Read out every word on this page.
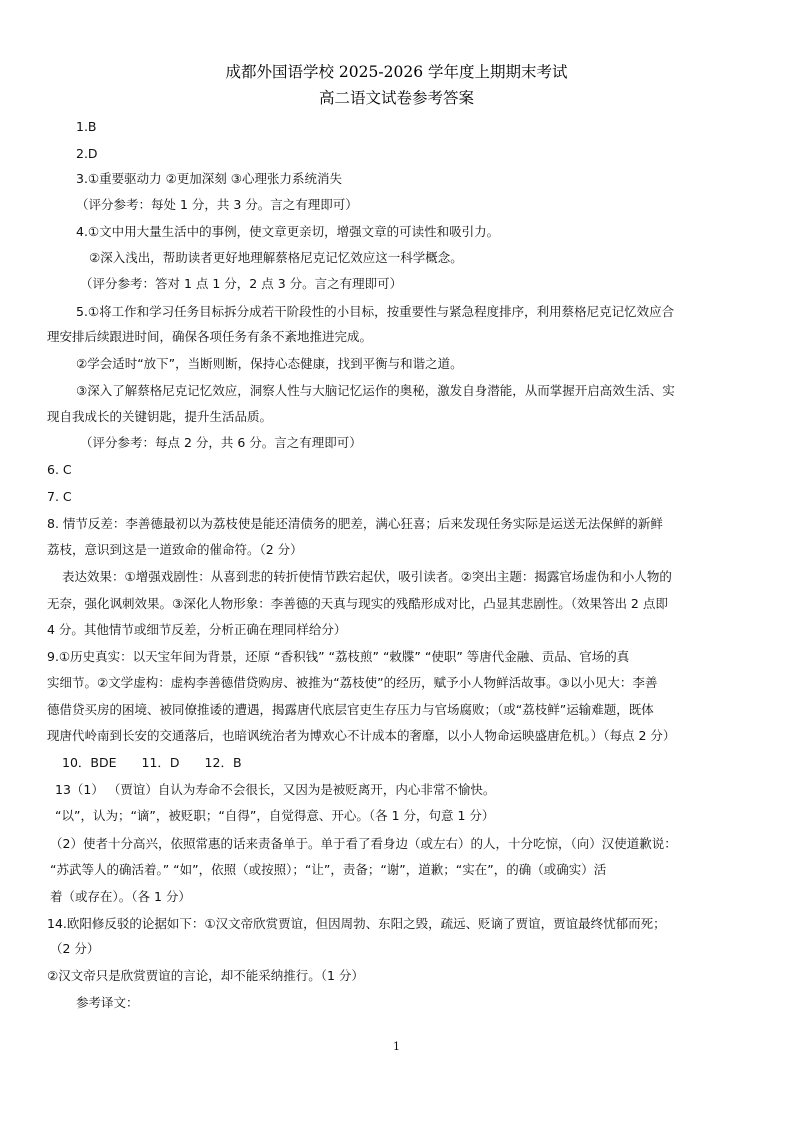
成都外国语学校 2025-2026 学年度上期期末考试
高二语文试卷参考答案
1.B
2.D
3.①重要驱动力 ②更加深刻 ③心理张力系统消失
（评分参考：每处 1 分，共 3 分。言之有理即可）
4.①文中用大量生活中的事例，使文章更亲切，增强文章的可读性和吸引力。
②深入浅出，帮助读者更好地理解蔡格尼克记忆效应这一科学概念。
（评分参考：答对 1 点 1 分，2 点 3 分。言之有理即可）
5.①将工作和学习任务目标拆分成若干阶段性的小目标，按重要性与紧急程度排序，利用蔡格尼克记忆效应合
理安排后续跟进时间，确保各项任务有条不紊地推进完成。
②学会适时“放下”，当断则断，保持心态健康，找到平衡与和谐之道。
③深入了解蔡格尼克记忆效应，洞察人性与大脑记忆运作的奥秘，激发自身潜能，从而掌握开启高效生活、实
现自我成长的关键钥匙，提升生活品质。
（评分参考：每点 2 分，共 6 分。言之有理即可）
6. C
7. C
8. 情节反差：李善德最初以为荔枝使是能还清债务的肥差，满心狂喜；后来发现任务实际是运送无法保鲜的新鲜
荔枝，意识到这是一道致命的催命符。（2 分）
表达效果：①增强戏剧性：从喜到悲的转折使情节跌宕起伏，吸引读者。②突出主题：揭露官场虚伪和小人物的
无奈，强化讽刺效果。③深化人物形象：李善德的天真与现实的残酷形成对比，凸显其悲剧性。（效果答出 2 点即
4 分。其他情节或细节反差，分析正确在理同样给分）
9.①历史真实：以天宝年间为背景，还原 “香积钱” “荔枝煎” “敕牒” “使职” 等唐代金融、贡品、官场的真
实细节。②文学虚构：虚构李善德借贷购房、被推为“荔枝使”的经历，赋予小人物鲜活故事。③以小见大：李善
德借贷买房的困境、被同僚推诿的遭遇，揭露唐代底层官吏生存压力与官场腐败；（或“荔枝鲜”运输难题，既体
现唐代岭南到长安的交通落后，也暗讽统治者为博欢心不计成本的奢靡，以小人物命运映盛唐危机。）（每点 2 分）
10．BDE　　11．D　　12．B
13（1） （贾谊）自认为寿命不会很长，又因为是被贬离开，内心非常不愉快。
“以”，认为；“谪”，被贬职；“自得”，自觉得意、开心。（各 1 分，句意 1 分）
（2）使者十分高兴，依照常惠的话来责备单于。单于看了看身边（或左右）的人，十分吃惊，（向）汉使道歉说：
“苏武等人的确活着。” “如”，依照（或按照）；“让”，责备；“谢”，道歉；“实在”，的确（或确实）活
着（或存在）。（各 1 分）
14.欧阳修反驳的论据如下：①汉文帝欣赏贾谊，但因周勃、东阳之毁，疏远、贬谪了贾谊，贾谊最终忧郁而死；
（2 分）
②汉文帝只是欣赏贾谊的言论，却不能采纳推行。（1 分）
参考译文：
1
